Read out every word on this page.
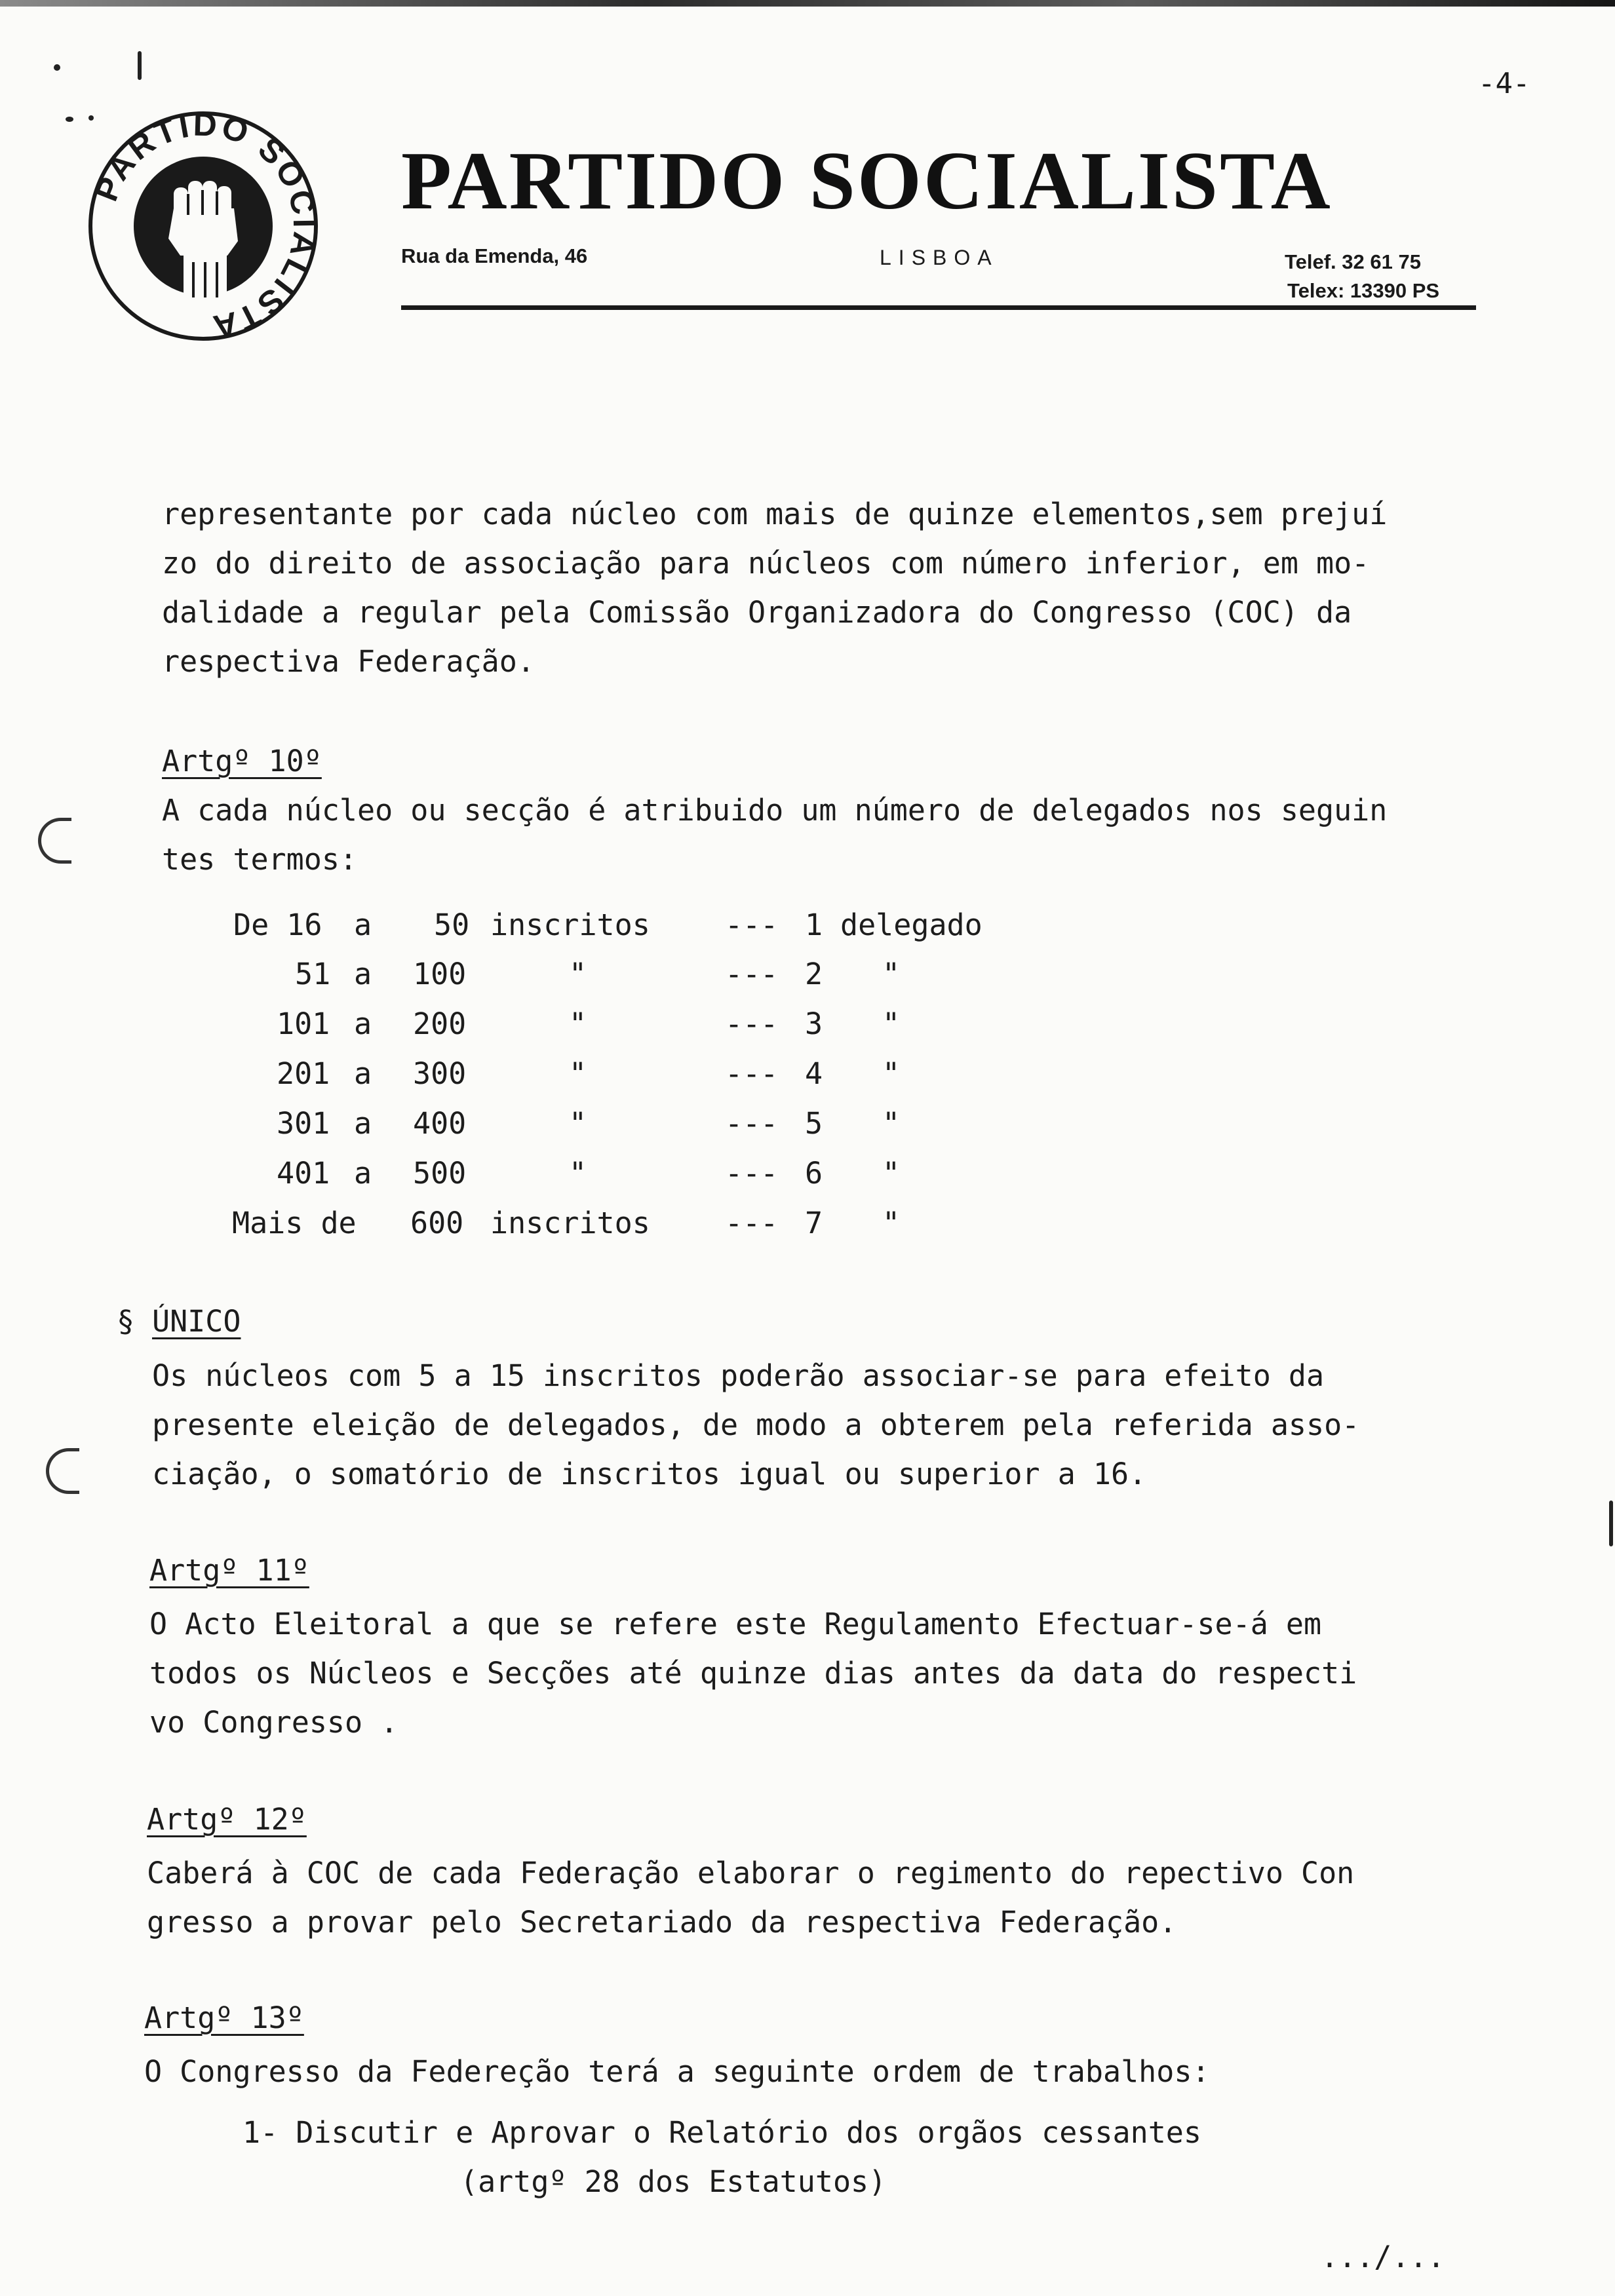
PARTIDO SOCIALISTA
-4-
PARTIDO SOCIALISTA
Rua da Emenda, 46	LISBOA	Telef. 32 61 75
Telex: 13390 PS
representante por cada núcleo com mais de quinze elementos,sem prejuí
zo do direito de associação para núcleos com número inferior, em mo-
dalidade a regular pela Comissão Organizadora do Congresso (COC) da
respectiva Federação.
Artgº 10º
A cada núcleo ou secção é atribuido um número de delegados nos seguin
tes termos:
De 16 a 50 inscritos	--- 1 delegado
51 a 100	"	--- 2 "
101 a 200	"	--- 3 "
201 a 300	"	--- 4 "
301 a 400	"	--- 5 "
401 a 500	"	--- 6 "
Mais de 600 inscritos	--- 7 "
§ ÚNICO
Os núcleos com 5 a 15 inscritos poderão associar-se para efeito da
presente eleição de delegados, de modo a obterem pela referida asso-
ciação, o somatório de inscritos igual ou superior a 16.
Artgº 11º
O Acto Eleitoral a que se refere este Regulamento Efectuar-se-á em
todos os Núcleos e Secções até quinze dias antes da data do respecti
vo Congresso .
Artgº 12º
Caberá à COC de cada Federação elaborar o regimento do repectivo Con
gresso a provar pelo Secretariado da respectiva Federação.
Artgº 13º
O Congresso da Federeção terá a seguinte ordem de trabalhos:
1- Discutir e Aprovar o Relatório dos orgãos cessantes
(artgº 28 dos Estatutos)
.../...
